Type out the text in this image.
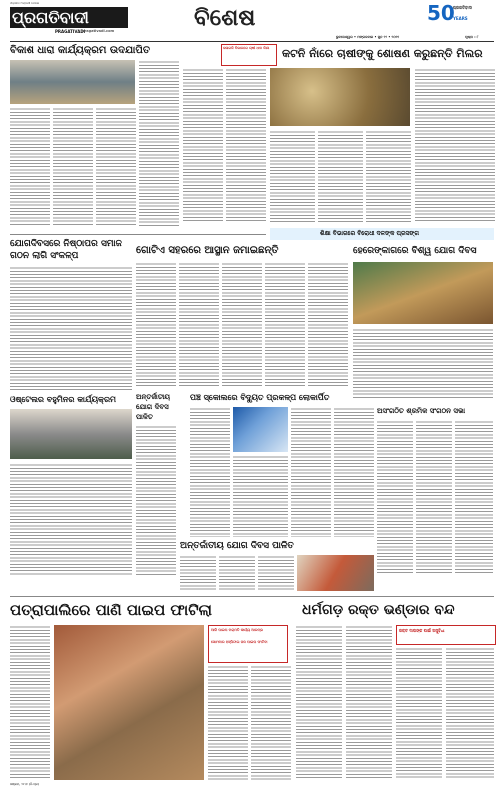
ଓଡ଼ିଶାର ଅଗ୍ରଣୀ ଦୈନିକ
ପ୍ରଗତିବାଦୀ
PRAGATIVADI
pragativadi.com	ବିଶେଷ	50
YEARS
ପ୍ରଗତିବାଦୀ
ଭୁବନେଶ୍ୱର • ମଙ୍ଗଳବାର • ଜୁନ ୨୨ • ୨୦୨୧	ପୃଷ୍ଠା : ୮
ବିକାଶ ଧାରା କାର୍ଯ୍ୟକ୍ରମ ଉଦଯାପିତ	ଜଳାଗଳି ବିଭାଗରେ ଚାଷୀ ଧାନ କିଣା	କଟନି ନାଁରେ ଚାଷୀଙ୍କୁ ଶୋଷଣ କରୁଛନ୍ତି ମିଲର
ଶିକ୍ଷା ବିଭାଗରେ ବିରୋଧୀ ଦଳଙ୍କ ପ୍ରସଙ୍ଗ
ଯୋଗଦିବସରେ ନିଷ୍ଠାପର ସମାଜ ଗଠନ ଲାଗି ସଂକଳ୍ପ	ଗୋଟିଏ ସହରରେ ଆସ୍ଥାନ ଜମାଇଛନ୍ତି	ହେରେଙ୍କାଗରେ ବିଶ୍ୱ ଯୋଗ ଦିବସ
ଅନ୍ତର୍ଜାତୀୟ ଯୋଗ ଦିବସ ପାଳିତ
ପଞ୍ଚ ସ୍କୋଲରେ ବିଦ୍ୟୁତ ପ୍ରକଳ୍ପ ଲୋକାର୍ପିତ
ଓଷ୍ଟେଲର ବହୁମିନର କାର୍ଯ୍ୟକ୍ରମ
ଅସଂଗଠିତ ଶ୍ରମିକ ସଂଗଠନ ସଭା
ଅନ୍ତର୍ଜାତୀୟ ଯୋଗ ଦିବସ ପାଳିତ
ପତ୍ରାପାଲିରେ ପାଣି ପାଇପ ଫାଟିଲା
ଆଜି ପାଇପ ମରାମତି କାର୍ଯ୍ୟ ଆରମ୍ଭ
ସୋମବାର ହସ୍ପିଟାଲ ଜଳ ପାଇପ ଫାଟିବା
ଧର୍ମଗଡ଼ ରକ୍ତ ଭଣ୍ଡାର ବନ୍ଦ
ରକ୍ତ ଦାତାଙ୍କ ପାଇଁ ଅସୁବିଧା
ଗଞ୍ଜାମ, ୨୧।୬ (ନି.ପ୍ର)
